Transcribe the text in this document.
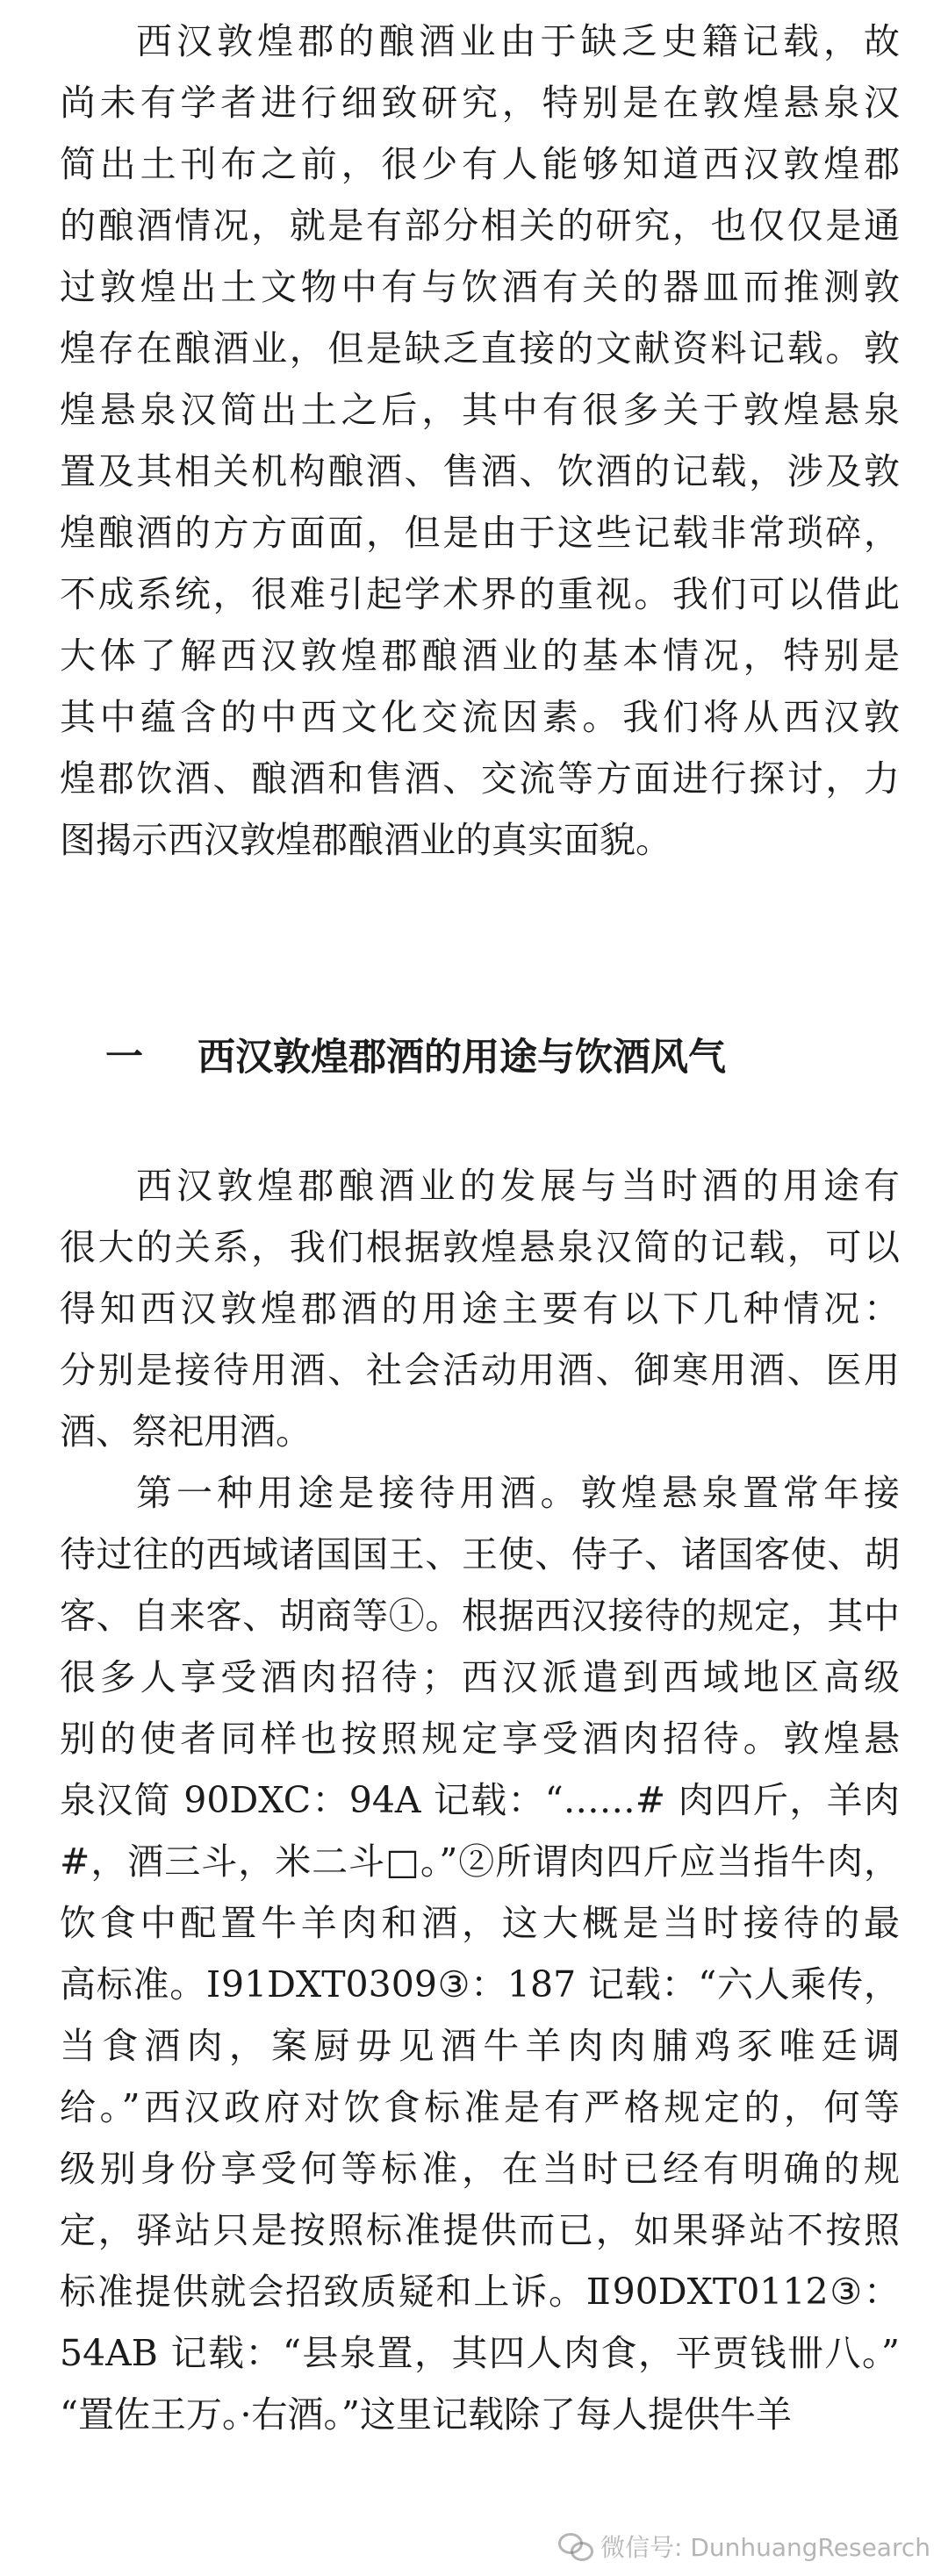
西汉敦煌郡的酿酒业由于缺乏史籍记载，故
尚未有学者进行细致研究，特别是在敦煌悬泉汉
简出土刊布之前，很少有人能够知道西汉敦煌郡
的酿酒情况，就是有部分相关的研究，也仅仅是通
过敦煌出土文物中有与饮酒有关的器皿而推测敦
煌存在酿酒业，但是缺乏直接的文献资料记载。敦
煌悬泉汉简出土之后，其中有很多关于敦煌悬泉
置及其相关机构酿酒、售酒、饮酒的记载，涉及敦
煌酿酒的方方面面，但是由于这些记载非常琐碎，
不成系统，很难引起学术界的重视。我们可以借此
大体了解西汉敦煌郡酿酒业的基本情况，特别是
其中蕴含的中西文化交流因素。我们将从西汉敦
煌郡饮酒、酿酒和售酒、交流等方面进行探讨，力
图揭示西汉敦煌郡酿酒业的真实面貌。
一 西汉敦煌郡酒的用途与饮酒风气
西汉敦煌郡酿酒业的发展与当时酒的用途有
很大的关系，我们根据敦煌悬泉汉简的记载，可以
得知西汉敦煌郡酒的用途主要有以下几种情况：
分别是接待用酒、社会活动用酒、御寒用酒、医用
酒、祭祀用酒。
第一种用途是接待用酒。敦煌悬泉置常年接
待过往的西域诸国国王、王使、侍子、诸国客使、胡
客、自来客、胡商等①。根据西汉接待的规定，其中
很多人享受酒肉招待；西汉派遣到西域地区高级
别的使者同样也按照规定享受酒肉招待。敦煌悬
泉汉简 90DXC：94A 记载：“……# 肉四斤，羊肉
#，酒三斗，米二斗□。”②所谓肉四斤应当指牛肉，
饮食中配置牛羊肉和酒，这大概是当时接待的最
高标准。Ⅰ91DXT0309③：187 记载：“六人乘传，
当食酒肉，案厨毋见酒牛羊肉肉脯鸡豕唯廷调
给。”西汉政府对饮食标准是有严格规定的，何等
级别身份享受何等标准，在当时已经有明确的规
定，驿站只是按照标准提供而已，如果驿站不按照
标准提供就会招致质疑和上诉。Ⅱ90DXT0112③：
54AB 记载：“县泉置，其四人肉食，平贾钱卌八。”
“置佐王万。·右酒。”这里记载除了每人提供牛羊
微信号: DunhuangResearch
